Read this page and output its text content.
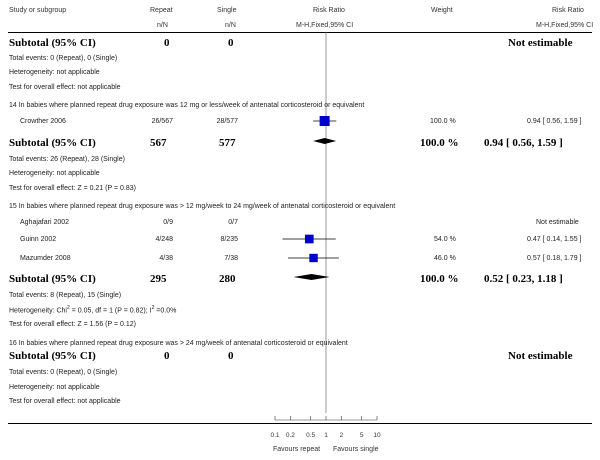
Study or subgroup	Repeat	Single	Risk Ratio	Weight	Risk Ratio
n/N	n/N	M-H,Fixed,95% CI	M-H,Fixed,95% CI
Subtotal (95% CI)	0	0	Not estimable
Total events: 0 (Repeat), 0 (Single)
Heterogeneity: not applicable
Test for overall effect: not applicable
14 In babies where planned repeat drug exposure was 12 mg or less/week of antenatal corticosteroid or equivalent
Crowther 2006	26/567	28/577	100.0 %	0.94 [ 0.56, 1.59 ]
Subtotal (95% CI)	567	577	100.0 % 0.94 [ 0.56, 1.59 ]
Total events: 26 (Repeat), 28 (Single)
Heterogeneity: not applicable
Test for overall effect: Z = 0.21 (P = 0.83)
15 In babies where planned repeat drug exposure was > 12 mg/week to 24 mg/week of antenatal corticosteroid or equivalent
Aghajafari 2002	0/9	0/7	Not estimable
Guinn 2002	4/248	8/235	54.0 %	0.47 [ 0.14, 1.55 ]
Mazumder 2008	4/38	7/38	46.0 %	0.57 [ 0.18, 1.79 ]
Subtotal (95% CI)	295	280	100.0 % 0.52 [ 0.23, 1.18 ]
Total events: 8 (Repeat), 15 (Single)
Heterogeneity: Chi$^2$ = 0.05, df = 1 (P = 0.82); $I^2 =0.0\%$
Test for overall effect: Z = 1.56 (P = 0.12)
16 In babies where planned repeat drug exposure was > 24 mg/week of antenatal corticosteroid or equivalent
Subtotal (95% CI)	0	0	Not estimable
Total events: 0 (Repeat), 0 (Single)
Heterogeneity: not applicable
Test for overall effect: not applicable
Favours repeat Favours single
0.1 0.2 0.5 1 2	5 10
